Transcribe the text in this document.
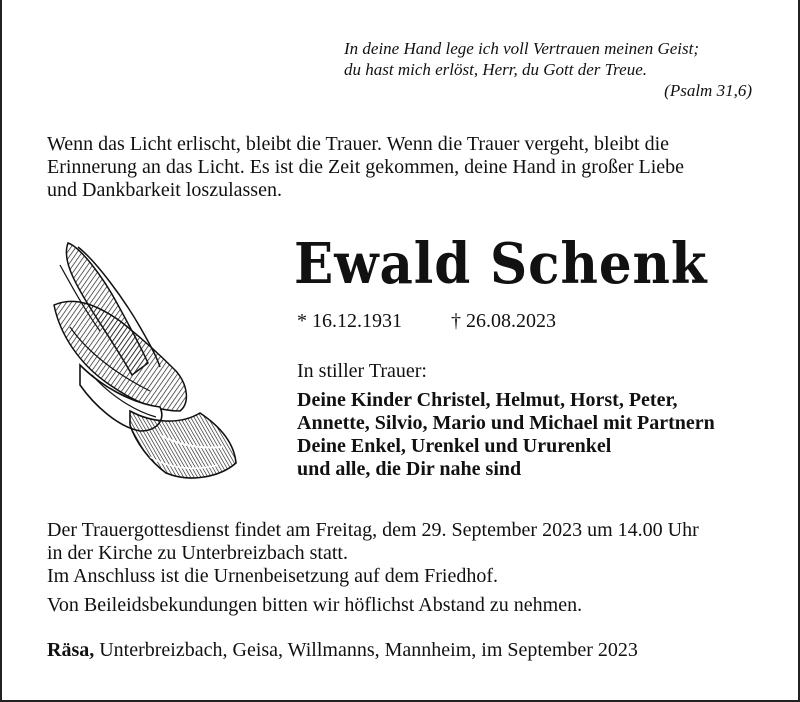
In deine Hand lege ich voll Vertrauen meinen Geist;
du hast mich erlöst, Herr, du Gott der Treue.
(Psalm 31,6)
Wenn das Licht erlischt, bleibt die Trauer. Wenn die Trauer vergeht, bleibt die
Erinnerung an das Licht. Es ist die Zeit gekommen, deine Hand in großer Liebe
und Dankbarkeit loszulassen.
Ewald Schenk
* 16.12.1931 † 26.08.2023
In stiller Trauer:
Deine Kinder Christel, Helmut, Horst, Peter,
Annette, Silvio, Mario und Michael mit Partnern
Deine Enkel, Urenkel und Ururenkel
und alle, die Dir nahe sind
Der Trauergottesdienst findet am Freitag, dem 29. September 2023 um 14.00 Uhr
in der Kirche zu Unterbreizbach statt.
Im Anschluss ist die Urnenbeisetzung auf dem Friedhof.
Von Beileidsbekundungen bitten wir höflichst Abstand zu nehmen.
Räsa, Unterbreizbach, Geisa, Willmanns, Mannheim, im September 2023
